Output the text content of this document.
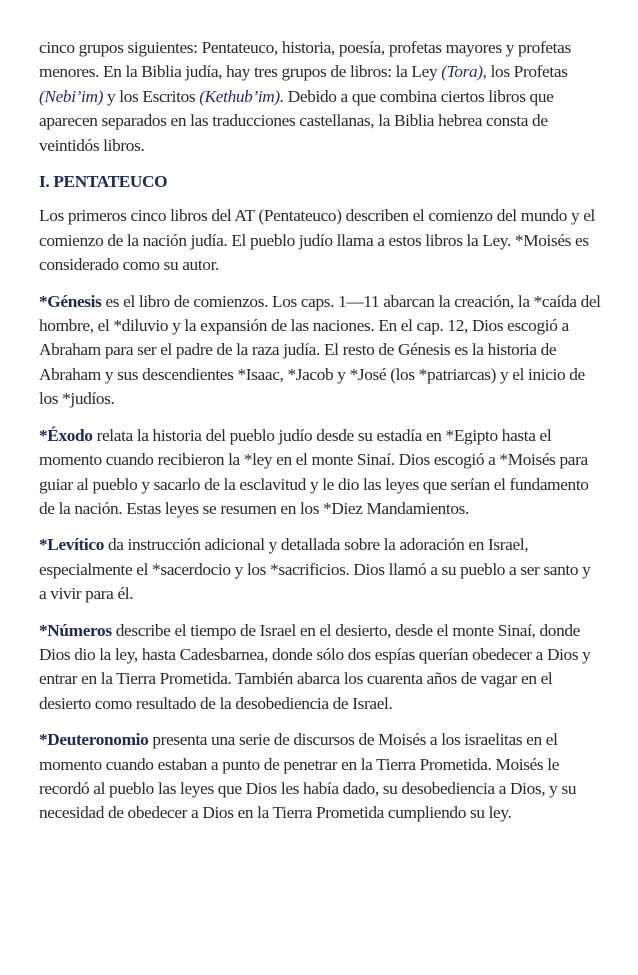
cinco grupos siguientes: Pentateuco, historia, poesía, profetas mayores y profetas menores. En la Biblia judía, hay tres grupos de libros: la Ley (Tora), los Profetas (Nebi’im) y los Escritos (Kethub’im). Debido a que combina ciertos libros que aparecen separados en las traducciones castellanas, la Biblia hebrea consta de veintidós libros.

I. PENTATEUCO

Los primeros cinco libros del AT (Pentateuco) describen el comienzo del mundo y el comienzo de la nación judía. El pueblo judío llama a estos libros la Ley. *Moisés es considerado como su autor.

*Génesis es el libro de comienzos. Los caps. 1—11 abarcan la creación, la *caída del hombre, el *diluvio y la expansión de las naciones. En el cap. 12, Dios escogió a Abraham para ser el padre de la raza judía. El resto de Génesis es la historia de Abraham y sus descendientes *Isaac, *Jacob y *José (los *patriarcas) y el inicio de los *judíos.

*Éxodo relata la historia del pueblo judío desde su estadía en *Egipto hasta el momento cuando recibieron la *ley en el monte Sinaí. Dios escogió a *Moisés para guiar al pueblo y sacarlo de la esclavitud y le dio las leyes que serían el fundamento de la nación. Estas leyes se resumen en los *Diez Mandamientos.

*Levítico da instrucción adicional y detallada sobre la adoración en Israel, especialmente el *sacerdocio y los *sacrificios. Dios llamó a su pueblo a ser santo y a vivir para él.

*Números describe el tiempo de Israel en el desierto, desde el monte Sinaí, donde Dios dio la ley, hasta Cadesbarnea, donde sólo dos espías querían obedecer a Dios y entrar en la Tierra Prometida. También abarca los cuarenta años de vagar en el desierto como resultado de la desobediencia de Israel.

*Deuteronomio presenta una serie de discursos de Moisés a los israelitas en el momento cuando estaban a punto de penetrar en la Tierra Prometida. Moisés le recordó al pueblo las leyes que Dios les había dado, su desobediencia a Dios, y su necesidad de obedecer a Dios en la Tierra Prometida cumpliendo su ley.
